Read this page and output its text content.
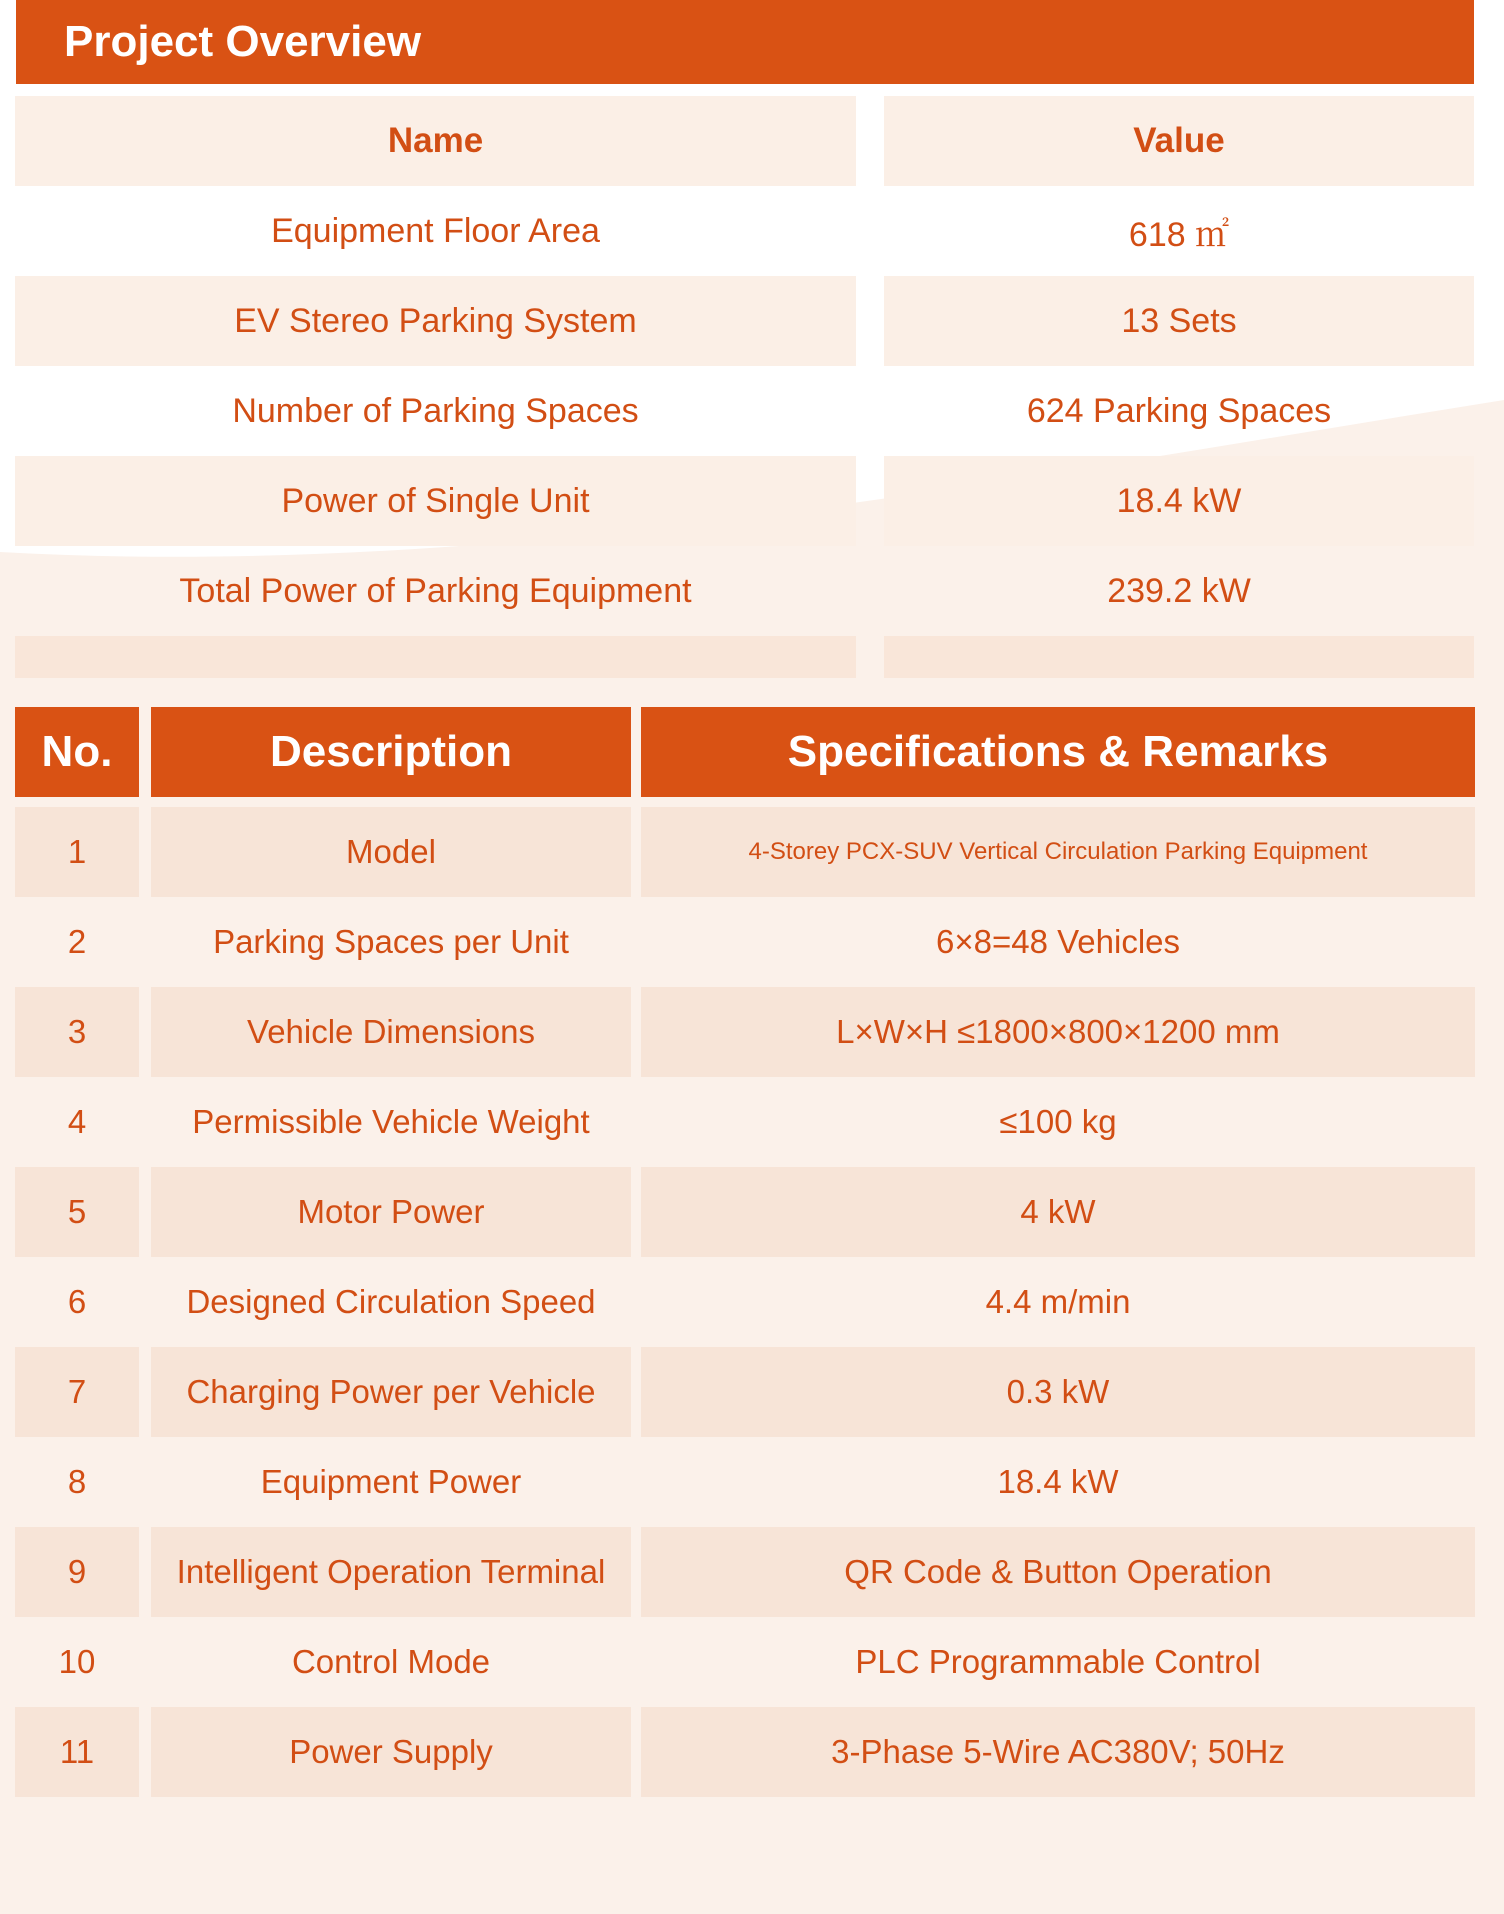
Project Overview
Name	Value
Equipment Floor Area	618 ㎡
EV Stereo Parking System	13 Sets
Number of Parking Spaces	624 Parking Spaces
Power of Single Unit	18.4 kW
Total Power of Parking Equipment	239.2 kW
No.	Description	Specifications & Remarks
1	Model	4-Storey PCX-SUV Vertical Circulation Parking Equipment
2	Parking Spaces per Unit	6×8=48 Vehicles
3	Vehicle Dimensions	L×W×H ≤1800×800×1200 mm
4	Permissible Vehicle Weight	≤100 kg
5	Motor Power	4 kW
6	Designed Circulation Speed	4.4 m/min
7	Charging Power per Vehicle	0.3 kW
8	Equipment Power	18.4 kW
9	Intelligent Operation Terminal	QR Code & Button Operation
10	Control Mode	PLC Programmable Control
11	Power Supply	3-Phase 5-Wire AC380V; 50Hz
